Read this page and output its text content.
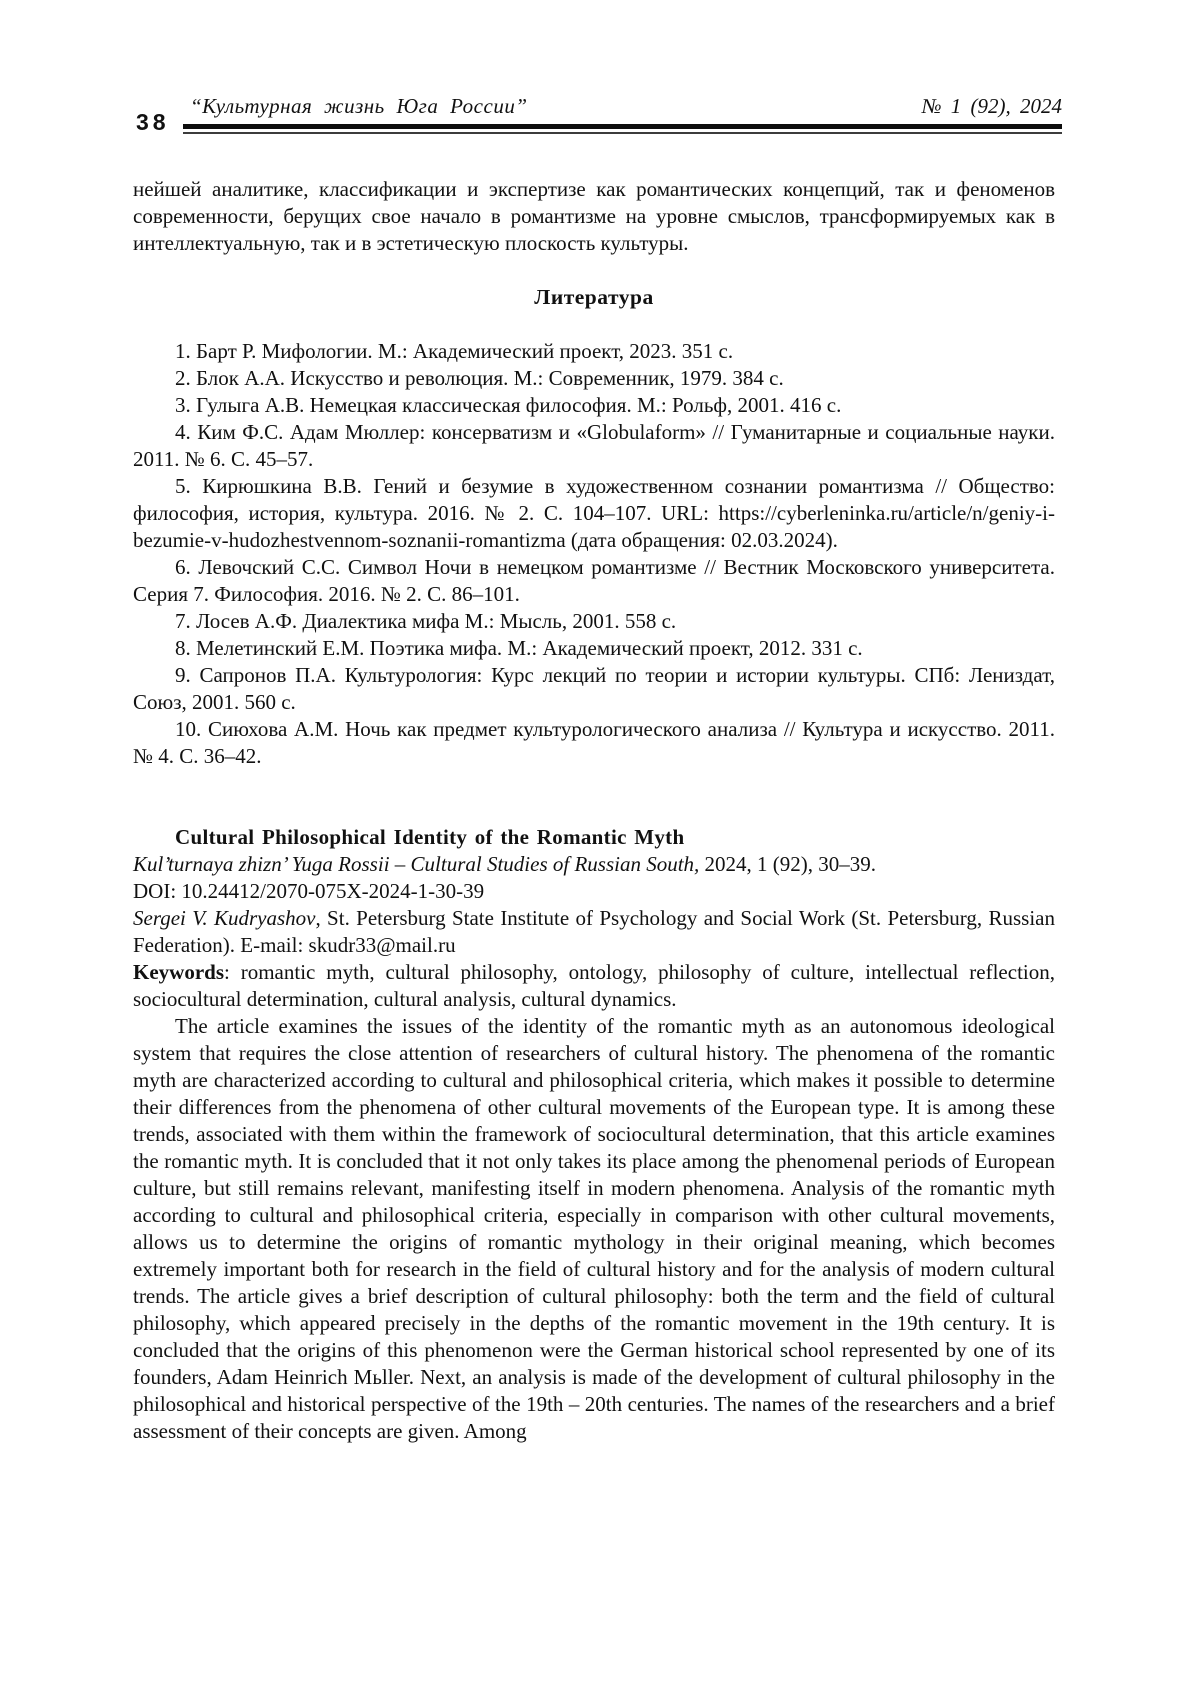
“Культурная жизнь Юга России”	№ 1 (92), 2024
38

нейшей аналитике, классификации и экспертизе как романтических концепций, так и феноменов современности, берущих свое начало в романтизме на уровне смыслов, трансформируемых как в интеллектуальную, так и в эстетическую плоскость культуры.

Литература

1. Барт Р. Мифологии. М.: Академический проект, 2023. 351 с.

2. Блок А.А. Искусство и революция. М.: Современник, 1979. 384 с.

3. Гулыга А.В. Немецкая классическая философия. М.: Рольф, 2001. 416 с.

4. Ким Ф.С. Адам Мюллер: консерватизм и «Globulaform» // Гуманитарные и социальные науки. 2011. № 6. С. 45–57.

5. Кирюшкина В.В. Гений и безумие в художественном сознании романтизма // Общество: философия, история, культура. 2016. № 2. С. 104–107. URL: https://cyberleninka.ru/article/n/geniy-i-bezumie-v-hudozhestvennom-soznanii-romantizma (дата обращения: 02.03.2024).

6. Левочский С.С. Символ Ночи в немецком романтизме // Вестник Московского университета. Серия 7. Философия. 2016. № 2. С. 86–101.

7. Лосев А.Ф. Диалектика мифа М.: Мысль, 2001. 558 с.

8. Мелетинский Е.М. Поэтика мифа. М.: Академический проект, 2012. 331 с.

9. Сапронов П.А. Культурология: Курс лекций по теории и истории культуры. СПб: Лениздат, Союз, 2001. 560 с.

10. Сиюхова А.М. Ночь как предмет культурологического анализа // Культура и искусство. 2011. № 4. С. 36–42.

Cultural Philosophical Identity of the Romantic Myth

Kul’turnaya zhizn’ Yuga Rossii – Cultural Studies of Russian South, 2024, 1 (92), 30–39.

DOI: 10.24412/2070-075X-2024-1-30-39

Sergei V. Kudryashov, St. Petersburg State Institute of Psychology and Social Work (St. Petersburg, Russian Federation). E-mail: skudr33@mail.ru

Keywords: romantic myth, cultural philosophy, ontology, philosophy of culture, intellectual reflection, sociocultural determination, cultural analysis, cultural dynamics.

The article examines the issues of the identity of the romantic myth as an autonomous ideological system that requires the close attention of researchers of cultural history. The phenomena of the romantic myth are characterized according to cultural and philosophical criteria, which makes it possible to determine their differences from the phenomena of other cultural movements of the European type. It is among these trends, associated with them within the framework of sociocultural determination, that this article examines the romantic myth. It is concluded that it not only takes its place among the phenomenal periods of European culture, but still remains relevant, manifesting itself in modern phenomena. Analysis of the romantic myth according to cultural and philosophical criteria, especially in comparison with other cultural movements, allows us to determine the origins of romantic mythology in their original meaning, which becomes extremely important both for research in the field of cultural history and for the analysis of modern cultural trends. The article gives a brief description of cultural philosophy: both the term and the field of cultural philosophy, which appeared precisely in the depths of the romantic movement in the 19th century. It is concluded that the origins of this phenomenon were the German historical school represented by one of its founders, Adam Heinrich Mьller. Next, an analysis is made of the development of cultural philosophy in the philosophical and historical perspective of the 19th – 20th centuries. The names of the researchers and a brief assessment of their concepts are given. Among
